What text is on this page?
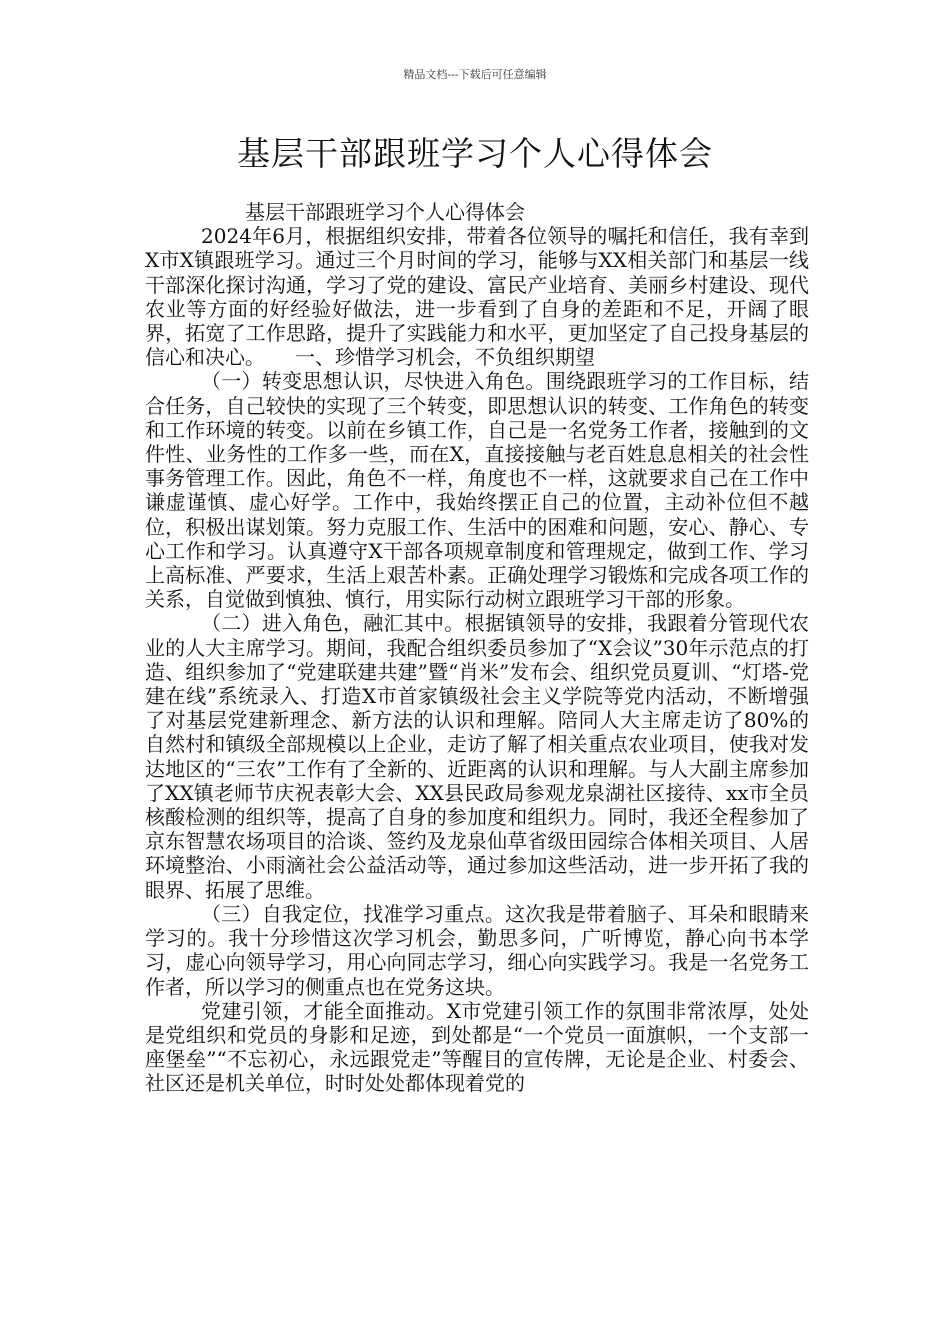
精品文档---下载后可任意编辑
基层干部跟班学习个人心得体会

基层干部跟班学习个人心得体会

2024年6月，根据组织安排，带着各位领导的嘱托和信任，我有幸到X市X镇跟班学习。通过三个月时间的学习，能够与XX相关部门和基层一线干部深化探讨沟通，学习了党的建设、富民产业培育、美丽乡村建设、现代农业等方面的好经验好做法，进一步看到了自身的差距和不足，开阔了眼界，拓宽了工作思路，提升了实践能力和水平，更加坚定了自己投身基层的信心和决心。　　一、珍惜学习机会，不负组织期望

（一）转变思想认识，尽快进入角色。围绕跟班学习的工作目标，结合任务，自己较快的实现了三个转变，即思想认识的转变、工作角色的转变和工作环境的转变。以前在乡镇工作，自己是一名党务工作者，接触到的文件性、业务性的工作多一些，而在X，直接接触与老百姓息息相关的社会性事务管理工作。因此，角色不一样，角度也不一样，这就要求自己在工作中谦虚谨慎、虚心好学。工作中，我始终摆正自己的位置，主动补位但不越位，积极出谋划策。努力克服工作、生活中的困难和问题，安心、静心、专心工作和学习。认真遵守X干部各项规章制度和管理规定，做到工作、学习上高标准、严要求，生活上艰苦朴素。正确处理学习锻炼和完成各项工作的关系，自觉做到慎独、慎行，用实际行动树立跟班学习干部的形象。

（二）进入角色，融汇其中。根据镇领导的安排，我跟着分管现代农业的人大主席学习。期间，我配合组织委员参加了“X会议”30年示范点的打造、组织参加了“党建联建共建”暨“肖米”发布会、组织党员夏训、“灯塔-党建在线”系统录入、打造X市首家镇级社会主义学院等党内活动，不断增强了对基层党建新理念、新方法的认识和理解。陪同人大主席走访了80%的自然村和镇级全部规模以上企业，走访了解了相关重点农业项目，使我对发达地区的“三农”工作有了全新的、近距离的认识和理解。与人大副主席参加了XX镇老师节庆祝表彰大会、XX县民政局参观龙泉湖社区接待、xx市全员核酸检测的组织等，提高了自身的参加度和组织力。同时，我还全程参加了京东智慧农场项目的洽谈、签约及龙泉仙草省级田园综合体相关项目、人居环境整治、小雨滴社会公益活动等，通过参加这些活动，进一步开拓了我的眼界、拓展了思维。

（三）自我定位，找准学习重点。这次我是带着脑子、耳朵和眼睛来学习的。我十分珍惜这次学习机会，勤思多问，广听博览，静心向书本学习，虚心向领导学习，用心向同志学习，细心向实践学习。我是一名党务工作者，所以学习的侧重点也在党务这块。

党建引领，才能全面推动。X市党建引领工作的氛围非常浓厚，处处是党组织和党员的身影和足迹，到处都是“一个党员一面旗帜，一个支部一座堡垒”“不忘初心，永远跟党走”等醒目的宣传牌，无论是企业、村委会、社区还是机关单位，时时处处都体现着党的
